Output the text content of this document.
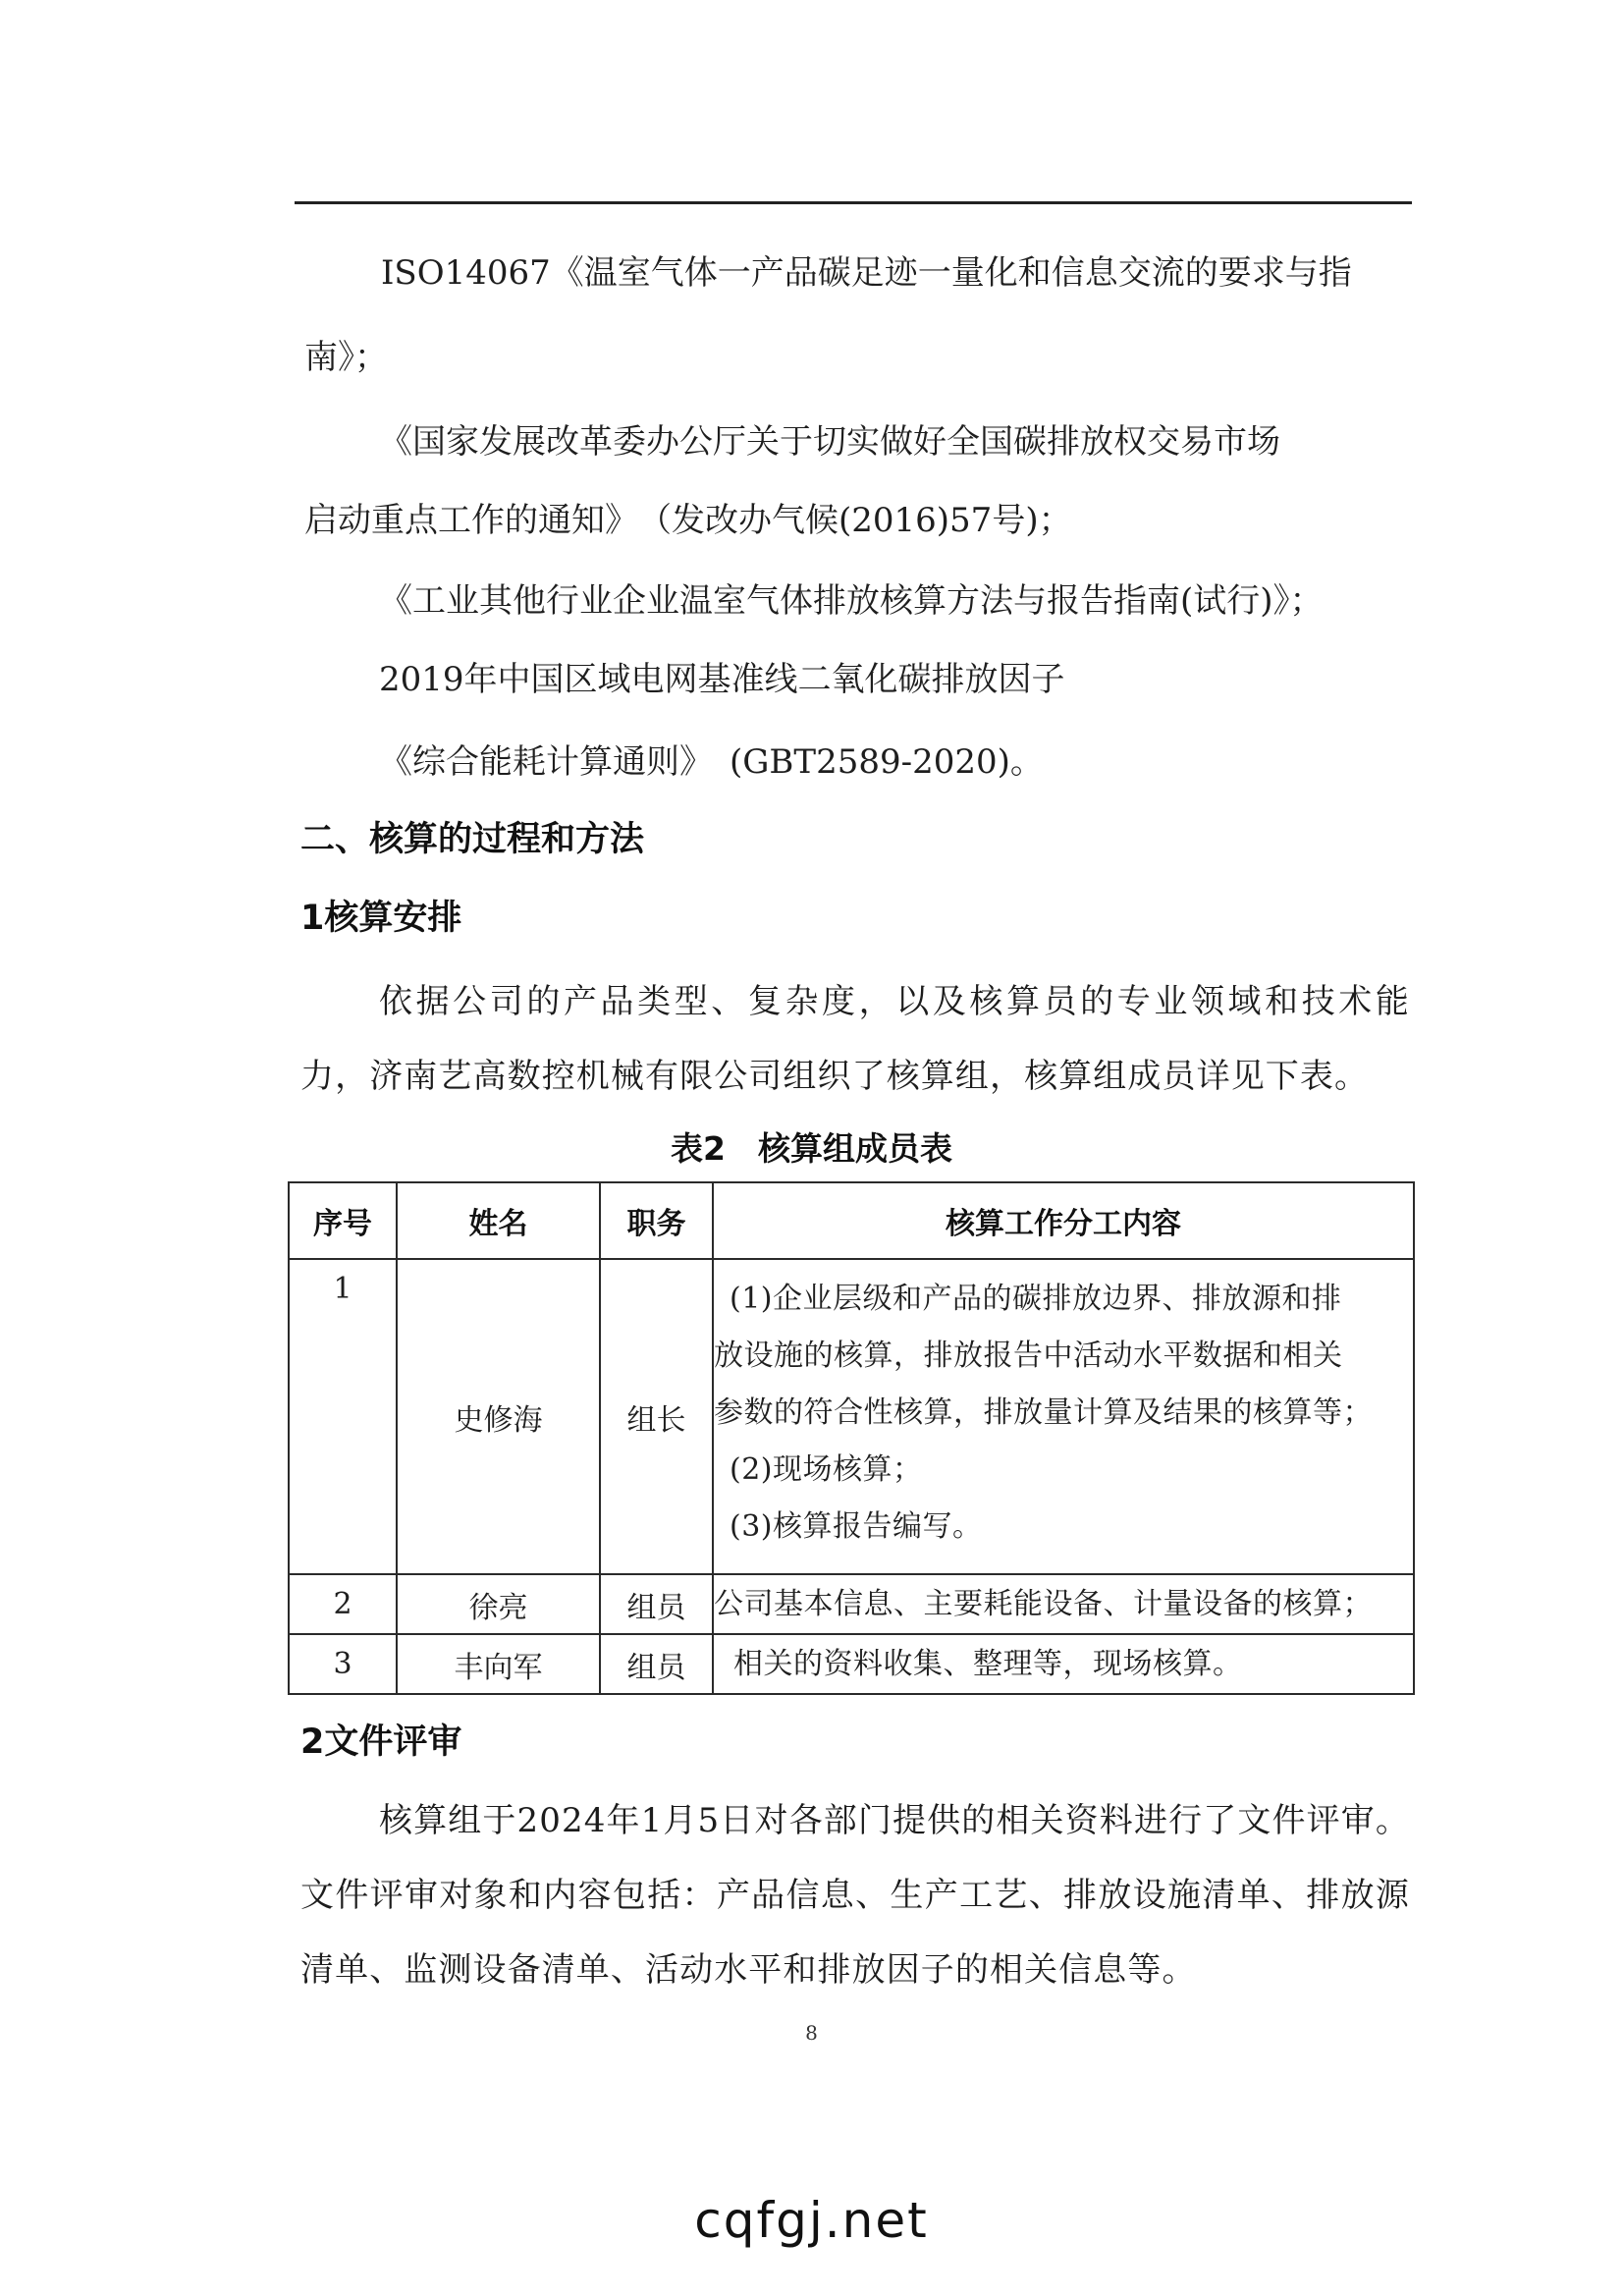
ISO14067《温室气体一产品碳足迹一量化和信息交流的要求与指
南》；
《国家发展改革委办公厅关于切实做好全国碳排放权交易市场
启动重点工作的通知》　（发改办气候(2016)57号)；
《工业其他行业企业温室气体排放核算方法与报告指南(试行)》；
2019年中国区域电网基准线二氧化碳排放因子
《综合能耗计算通则》　(GBT2589-2020)。
二、核算的过程和方法
1核算安排
依据公司的产品类型、复杂度，以及核算员的专业领域和技术能力，济南艺高数控机械有限公司组织了核算组，核算组成员详见下表。
表2　核算组成员表
序号	姓名	职务	核算工作分工内容
1	史修海	组长	(1)企业层级和产品的碳排放边界、排放源和排
放设施的核算，排放报告中活动水平数据和相关
参数的符合性核算，排放量计算及结果的核算等；
(2)现场核算；
(3)核算报告编写。

2	徐亮	组员	公司基本信息、主要耗能设备、计量设备的核算；

3	丰向军	组员	相关的资料收集、整理等，现场核算。
2文件评审
核算组于2024年1月5日对各部门提供的相关资料进行了文件评审。文件评审对象和内容包括：产品信息、生产工艺、排放设施清单、排放源清单、监测设备清单、活动水平和排放因子的相关信息等。
8
cqfgj.net
